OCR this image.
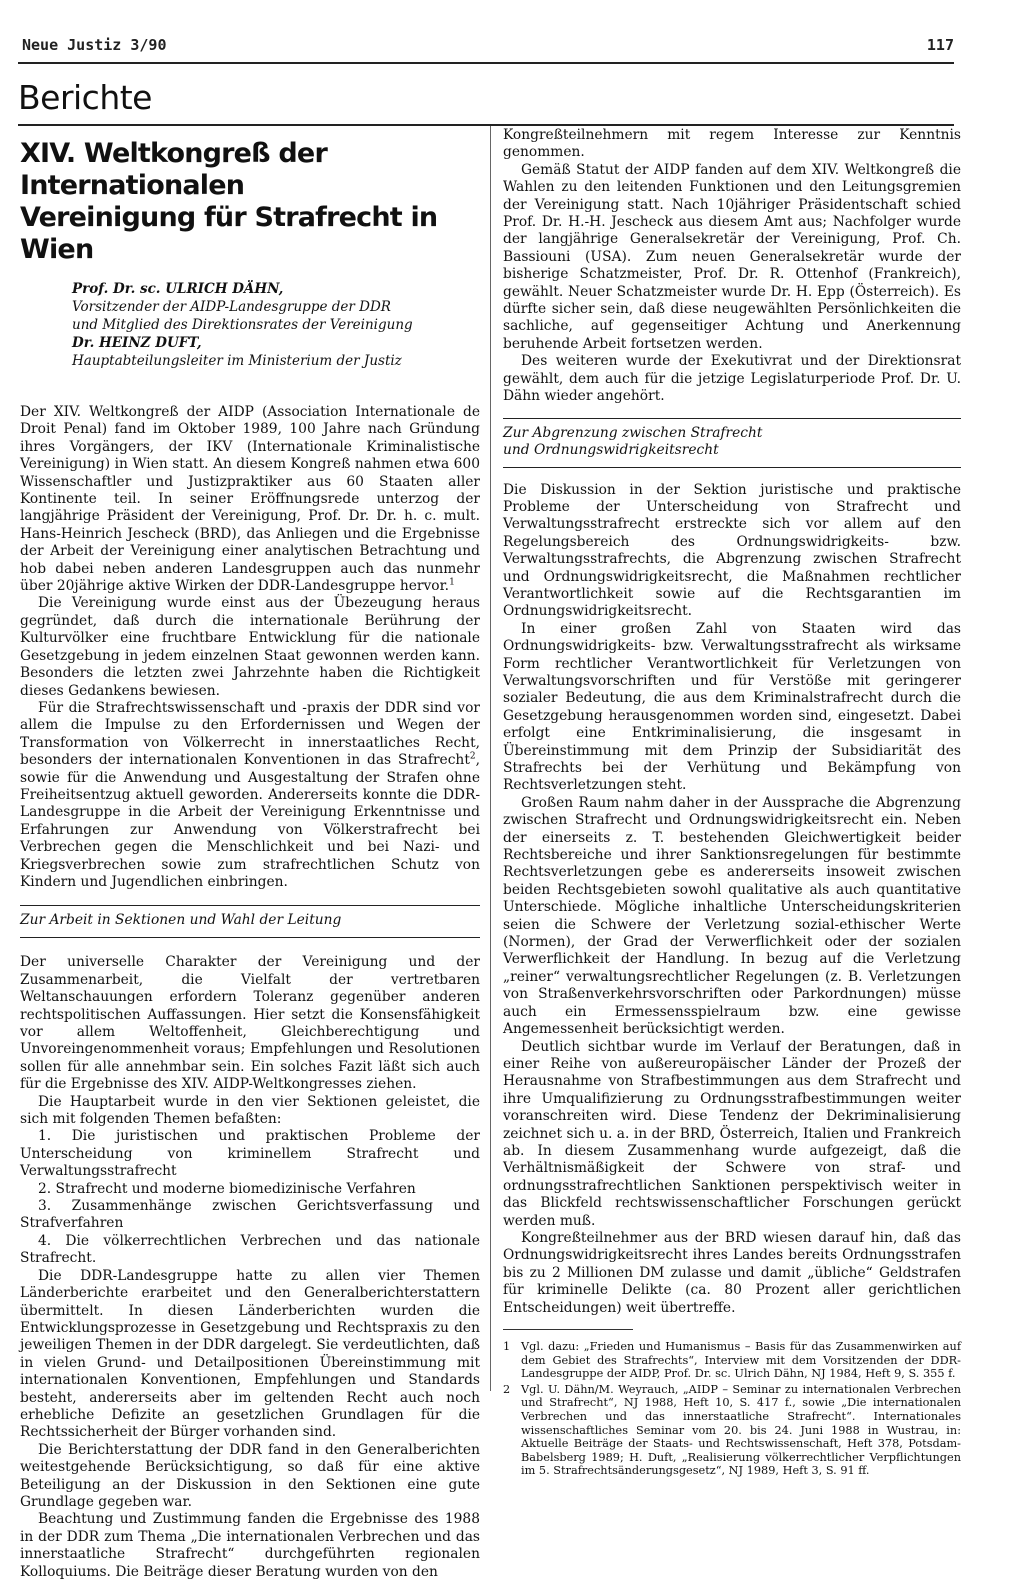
Neue Justiz 3/90	117
Berichte
XIV. Weltkongreß der Internationalen
Vereinigung für Strafrecht in Wien
Prof. Dr. sc. ULRICH DÄHN,
Vorsitzender der AIDP-Landesgruppe der DDR
und Mitglied des Direktionsrates der Vereinigung
Dr. HEINZ DUFT,
Hauptabteilungsleiter im Ministerium der Justiz

Der XIV. Weltkongreß der AIDP (Association Internationale de Droit Penal) fand im Oktober 1989, 100 Jahre nach Gründung ihres Vorgängers, der IKV (Internationale Kriminalistische Vereinigung) in Wien statt. An diesem Kongreß nahmen etwa 600 Wissenschaftler und Justizpraktiker aus 60 Staaten aller Kontinente teil. In seiner Eröffnungsrede unterzog der langjährige Präsident der Vereinigung, Prof. Dr. Dr. h. c. mult. Hans-Heinrich Jescheck (BRD), das Anliegen und die Ergebnisse der Arbeit der Vereinigung einer analytischen Betrachtung und hob dabei neben anderen Landesgruppen auch das nunmehr über 20jährige aktive Wirken der DDR-Landesgruppe hervor.$^1$

Die Vereinigung wurde einst aus der Übezeugung heraus gegründet, daß durch die internationale Berührung der Kulturvölker eine fruchtbare Entwicklung für die nationale Gesetzgebung in jedem einzelnen Staat gewonnen werden kann. Besonders die letzten zwei Jahrzehnte haben die Richtigkeit dieses Gedankens bewiesen.

Für die Strafrechtswissenschaft und -praxis der DDR sind vor allem die Impulse zu den Erfordernissen und Wegen der Transformation von Völkerrecht in innerstaatliches Recht, besonders der internationalen Konventionen in das Strafrecht$^2$, sowie für die Anwendung und Ausgestaltung der Strafen ohne Freiheitsentzug aktuell geworden. Andererseits konnte die DDR-Landesgruppe in die Arbeit der Vereinigung Erkenntnisse und Erfahrungen zur Anwendung von Völkerstrafrecht bei Verbrechen gegen die Menschlichkeit und bei Nazi- und Kriegsverbrechen sowie zum strafrechtlichen Schutz von Kindern und Jugendlichen einbringen.

Zur Arbeit in Sektionen und Wahl der Leitung

Der universelle Charakter der Vereinigung und der Zusammenarbeit, die Vielfalt der vertretbaren Weltanschauungen erfordern Toleranz gegenüber anderen rechtspolitischen Auffassungen. Hier setzt die Konsensfähigkeit vor allem Weltoffenheit, Gleichberechtigung und Unvoreingenommenheit voraus; Empfehlungen und Resolutionen sollen für alle annehmbar sein. Ein solches Fazit läßt sich auch für die Ergebnisse des XIV. AIDP-Weltkongresses ziehen.

Die Hauptarbeit wurde in den vier Sektionen geleistet, die sich mit folgenden Themen befaßten:

1. Die juristischen und praktischen Probleme der Unterscheidung von kriminellem Strafrecht und Verwaltungsstrafrecht
2. Strafrecht und moderne biomedizinische Verfahren
3. Zusammenhänge zwischen Gerichtsverfassung und Strafverfahren
4. Die völkerrechtlichen Verbrechen und das nationale Strafrecht.

Die DDR-Landesgruppe hatte zu allen vier Themen Länderberichte erarbeitet und den Generalberichterstattern übermittelt. In diesen Länderberichten wurden die Entwicklungsprozesse in Gesetzgebung und Rechtspraxis zu den jeweiligen Themen in der DDR dargelegt. Sie verdeutlichten, daß in vielen Grund- und Detailpositionen Übereinstimmung mit internationalen Konventionen, Empfehlungen und Standards besteht, andererseits aber im geltenden Recht auch noch erhebliche Defizite an gesetzlichen Grundlagen für die Rechtssicherheit der Bürger vorhanden sind.

Die Berichterstattung der DDR fand in den Generalberichten weitestgehende Berücksichtigung, so daß für eine aktive Beteiligung an der Diskussion in den Sektionen eine gute Grundlage gegeben war.

Beachtung und Zustimmung fanden die Ergebnisse des 1988 in der DDR zum Thema „Die internationalen Verbrechen und das innerstaatliche Strafrecht“ durchgeführten regionalen Kolloquiums. Die Beiträge dieser Beratung wurden von den

Kongreßteilnehmern mit regem Interesse zur Kenntnis genommen.

Gemäß Statut der AIDP fanden auf dem XIV. Weltkongreß die Wahlen zu den leitenden Funktionen und den Leitungsgremien der Vereinigung statt. Nach 10jähriger Präsidentschaft schied Prof. Dr. H.-H. Jescheck aus diesem Amt aus; Nachfolger wurde der langjährige Generalsekretär der Vereinigung, Prof. Ch. Bassiouni (USA). Zum neuen Generalsekretär wurde der bisherige Schatzmeister, Prof. Dr. R. Ottenhof (Frankreich), gewählt. Neuer Schatzmeister wurde Dr. H. Epp (Österreich). Es dürfte sicher sein, daß diese neugewählten Persönlichkeiten die sachliche, auf gegenseitiger Achtung und Anerkennung beruhende Arbeit fortsetzen werden.

Des weiteren wurde der Exekutivrat und der Direktionsrat gewählt, dem auch für die jetzige Legislaturperiode Prof. Dr. U. Dähn wieder angehört.

Zur Abgrenzung zwischen Strafrecht
und Ordnungswidrigkeitsrecht

Die Diskussion in der Sektion juristische und praktische Probleme der Unterscheidung von Strafrecht und Verwaltungsstrafrecht erstreckte sich vor allem auf den Regelungsbereich des Ordnungswidrigkeits- bzw. Verwaltungsstrafrechts, die Abgrenzung zwischen Strafrecht und Ordnungswidrigkeitsrecht, die Maßnahmen rechtlicher Verantwortlichkeit sowie auf die Rechtsgarantien im Ordnungswidrigkeitsrecht.

In einer großen Zahl von Staaten wird das Ordnungswidrigkeits- bzw. Verwaltungsstrafrecht als wirksame Form rechtlicher Verantwortlichkeit für Verletzungen von Verwaltungsvorschriften und für Verstöße mit geringerer sozialer Bedeutung, die aus dem Kriminalstrafrecht durch die Gesetzgebung herausgenommen worden sind, eingesetzt. Dabei erfolgt eine Entkriminalisierung, die insgesamt in Übereinstimmung mit dem Prinzip der Subsidiarität des Strafrechts bei der Verhütung und Bekämpfung von Rechtsverletzungen steht.

Großen Raum nahm daher in der Aussprache die Abgrenzung zwischen Strafrecht und Ordnungswidrigkeitsrecht ein. Neben der einerseits z. T. bestehenden Gleichwertigkeit beider Rechtsbereiche und ihrer Sanktionsregelungen für bestimmte Rechtsverletzungen gebe es andererseits insoweit zwischen beiden Rechtsgebieten sowohl qualitative als auch quantitative Unterschiede. Mögliche inhaltliche Unterscheidungskriterien seien die Schwere der Verletzung sozial-ethischer Werte (Normen), der Grad der Verwerflichkeit oder der sozialen Verwerflichkeit der Handlung. In bezug auf die Verletzung „reiner“ verwaltungsrechtlicher Regelungen (z. B. Verletzungen von Straßenverkehrsvorschriften oder Parkordnungen) müsse auch ein Ermessensspielraum bzw. eine gewisse Angemessenheit berücksichtigt werden.

Deutlich sichtbar wurde im Verlauf der Beratungen, daß in einer Reihe von außereuropäischer Länder der Prozeß der Herausnahme von Strafbestimmungen aus dem Strafrecht und ihre Umqualifizierung zu Ordnungsstrafbestimmungen weiter voranschreiten wird. Diese Tendenz der Dekriminalisierung zeichnet sich u. a. in der BRD, Österreich, Italien und Frankreich ab. In diesem Zusammenhang wurde aufgezeigt, daß die Verhältnismäßigkeit der Schwere von straf- und ordnungsstrafrechtlichen Sanktionen perspektivisch weiter in das Blickfeld rechtswissenschaftlicher Forschungen gerückt werden muß.

Kongreßteilnehmer aus der BRD wiesen darauf hin, daß das Ordnungswidrigkeitsrecht ihres Landes bereits Ordnungsstrafen bis zu 2 Millionen DM zulasse und damit „übliche“ Geldstrafen für kriminelle Delikte (ca. 80 Prozent aller gerichtlichen Entscheidungen) weit übertreffe.

1 Vgl. dazu: „Frieden und Humanismus – Basis für das Zusammenwirken auf dem Gebiet des Strafrechts“, Interview mit dem Vorsitzenden der DDR-Landesgruppe der AIDP, Prof. Dr. sc. Ulrich Dähn, NJ 1984, Heft 9, S. 355 f.
2 Vgl. U. Dähn/M. Weyrauch, „AIDP – Seminar zu internationalen Verbrechen und Strafrecht“, NJ 1988, Heft 10, S. 417 f., sowie „Die internationalen Verbrechen und das innerstaatliche Strafrecht“. Internationales wissenschaftliches Seminar vom 20. bis 24. Juni 1988 in Wustrau, in: Aktuelle Beiträge der Staats- und Rechtswissenschaft, Heft 378, Potsdam-Babelsberg 1989; H. Duft, „Realisierung völkerrechtlicher Verpflichtungen im 5. Strafrechtsänderungsgesetz“, NJ 1989, Heft 3, S. 91 ff.
